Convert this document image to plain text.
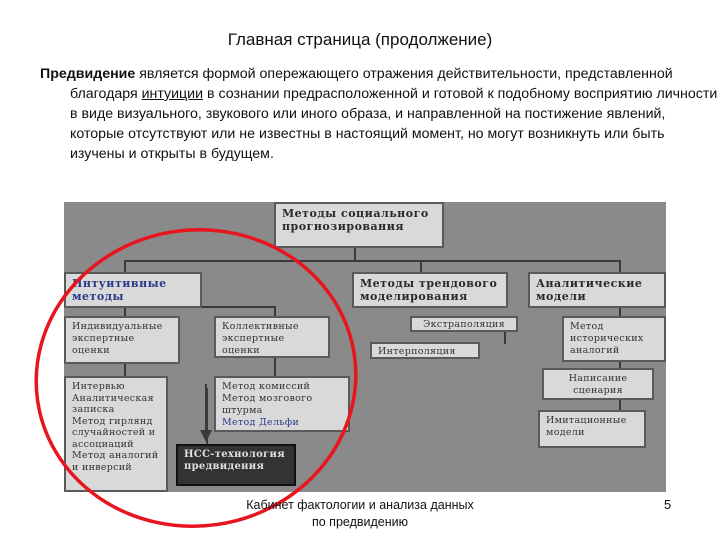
Главная страница (продолжение)
Предвидение является формой опережающего отражения действительности, представленной благодаря интуиции в сознании предрасположенной и готовой к подобному восприятию личности в виде визуального, звукового или иного образа, и направленной на постижение явлений, которые отсутствуют или не известны в настоящий момент, но могут возникнуть или быть изучены и открыты в будущем.
Методы социального прогнозирования
Интуитивные методы
Методы трендового моделирования
Аналитические модели
Индивидуальные экспертные оценки
Коллективные экспертные оценки
Экстраполяция
Интерполяция
Метод исторических аналогий
Интервью
Аналитическая записка
Метод гирлянд случайностей и ассоциаций
Метод аналогий и инверсий
Метод комиссий
Метод мозгового штурма
Метод Дельфи
Написание сценария
Имитационные модели
НСС-технология предвидения
Кабинет фактологии и анализа данных по предвидению
5
